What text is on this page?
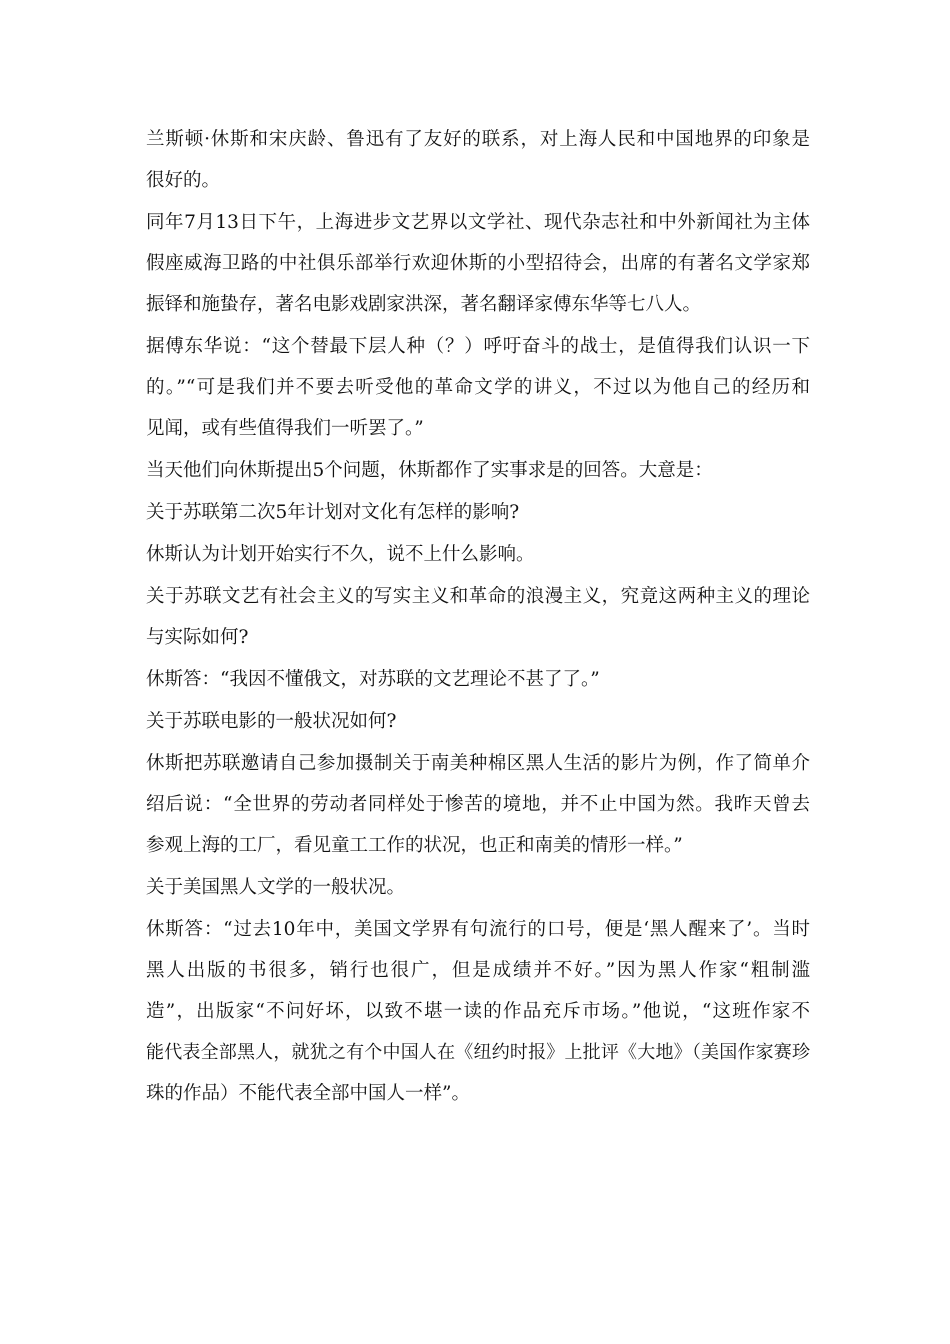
兰斯顿·休斯和宋庆龄、鲁迅有了友好的联系，对上海人民和中国地界的印象是
很好的。
同年7月13日下午，上海进步文艺界以文学社、现代杂志社和中外新闻社为主体
假座威海卫路的中社俱乐部举行欢迎休斯的小型招待会，出席的有著名文学家郑
振铎和施蛰存，著名电影戏剧家洪深，著名翻译家傅东华等七八人。
据傅东华说：“这个替最下层人种（？）呼吁奋斗的战士，是值得我们认识一下
的。”“可是我们并不要去听受他的革命文学的讲义，不过以为他自己的经历和
见闻，或有些值得我们一听罢了。”
当天他们向休斯提出5个问题，休斯都作了实事求是的回答。大意是：
关于苏联第二次5年计划对文化有怎样的影响?
休斯认为计划开始实行不久，说不上什么影响。
关于苏联文艺有社会主义的写实主义和革命的浪漫主义，究竟这两种主义的理论
与实际如何?
休斯答：“我因不懂俄文，对苏联的文艺理论不甚了了。”
关于苏联电影的一般状况如何?
休斯把苏联邀请自己参加摄制关于南美种棉区黑人生活的影片为例，作了简单介
绍后说：“全世界的劳动者同样处于惨苦的境地，并不止中国为然。我昨天曾去
参观上海的工厂，看见童工工作的状况，也正和南美的情形一样。”
关于美国黑人文学的一般状况。
休斯答：“过去10年中，美国文学界有句流行的口号，便是‘黑人醒来了’。当时
黑人出版的书很多，销行也很广，但是成绩并不好。”因为黑人作家“粗制滥
造”，出版家“不问好坏，以致不堪一读的作品充斥市场。”他说，“这班作家不
能代表全部黑人，就犹之有个中国人在《纽约时报》上批评《大地》（美国作家赛珍
珠的作品）不能代表全部中国人一样”。
